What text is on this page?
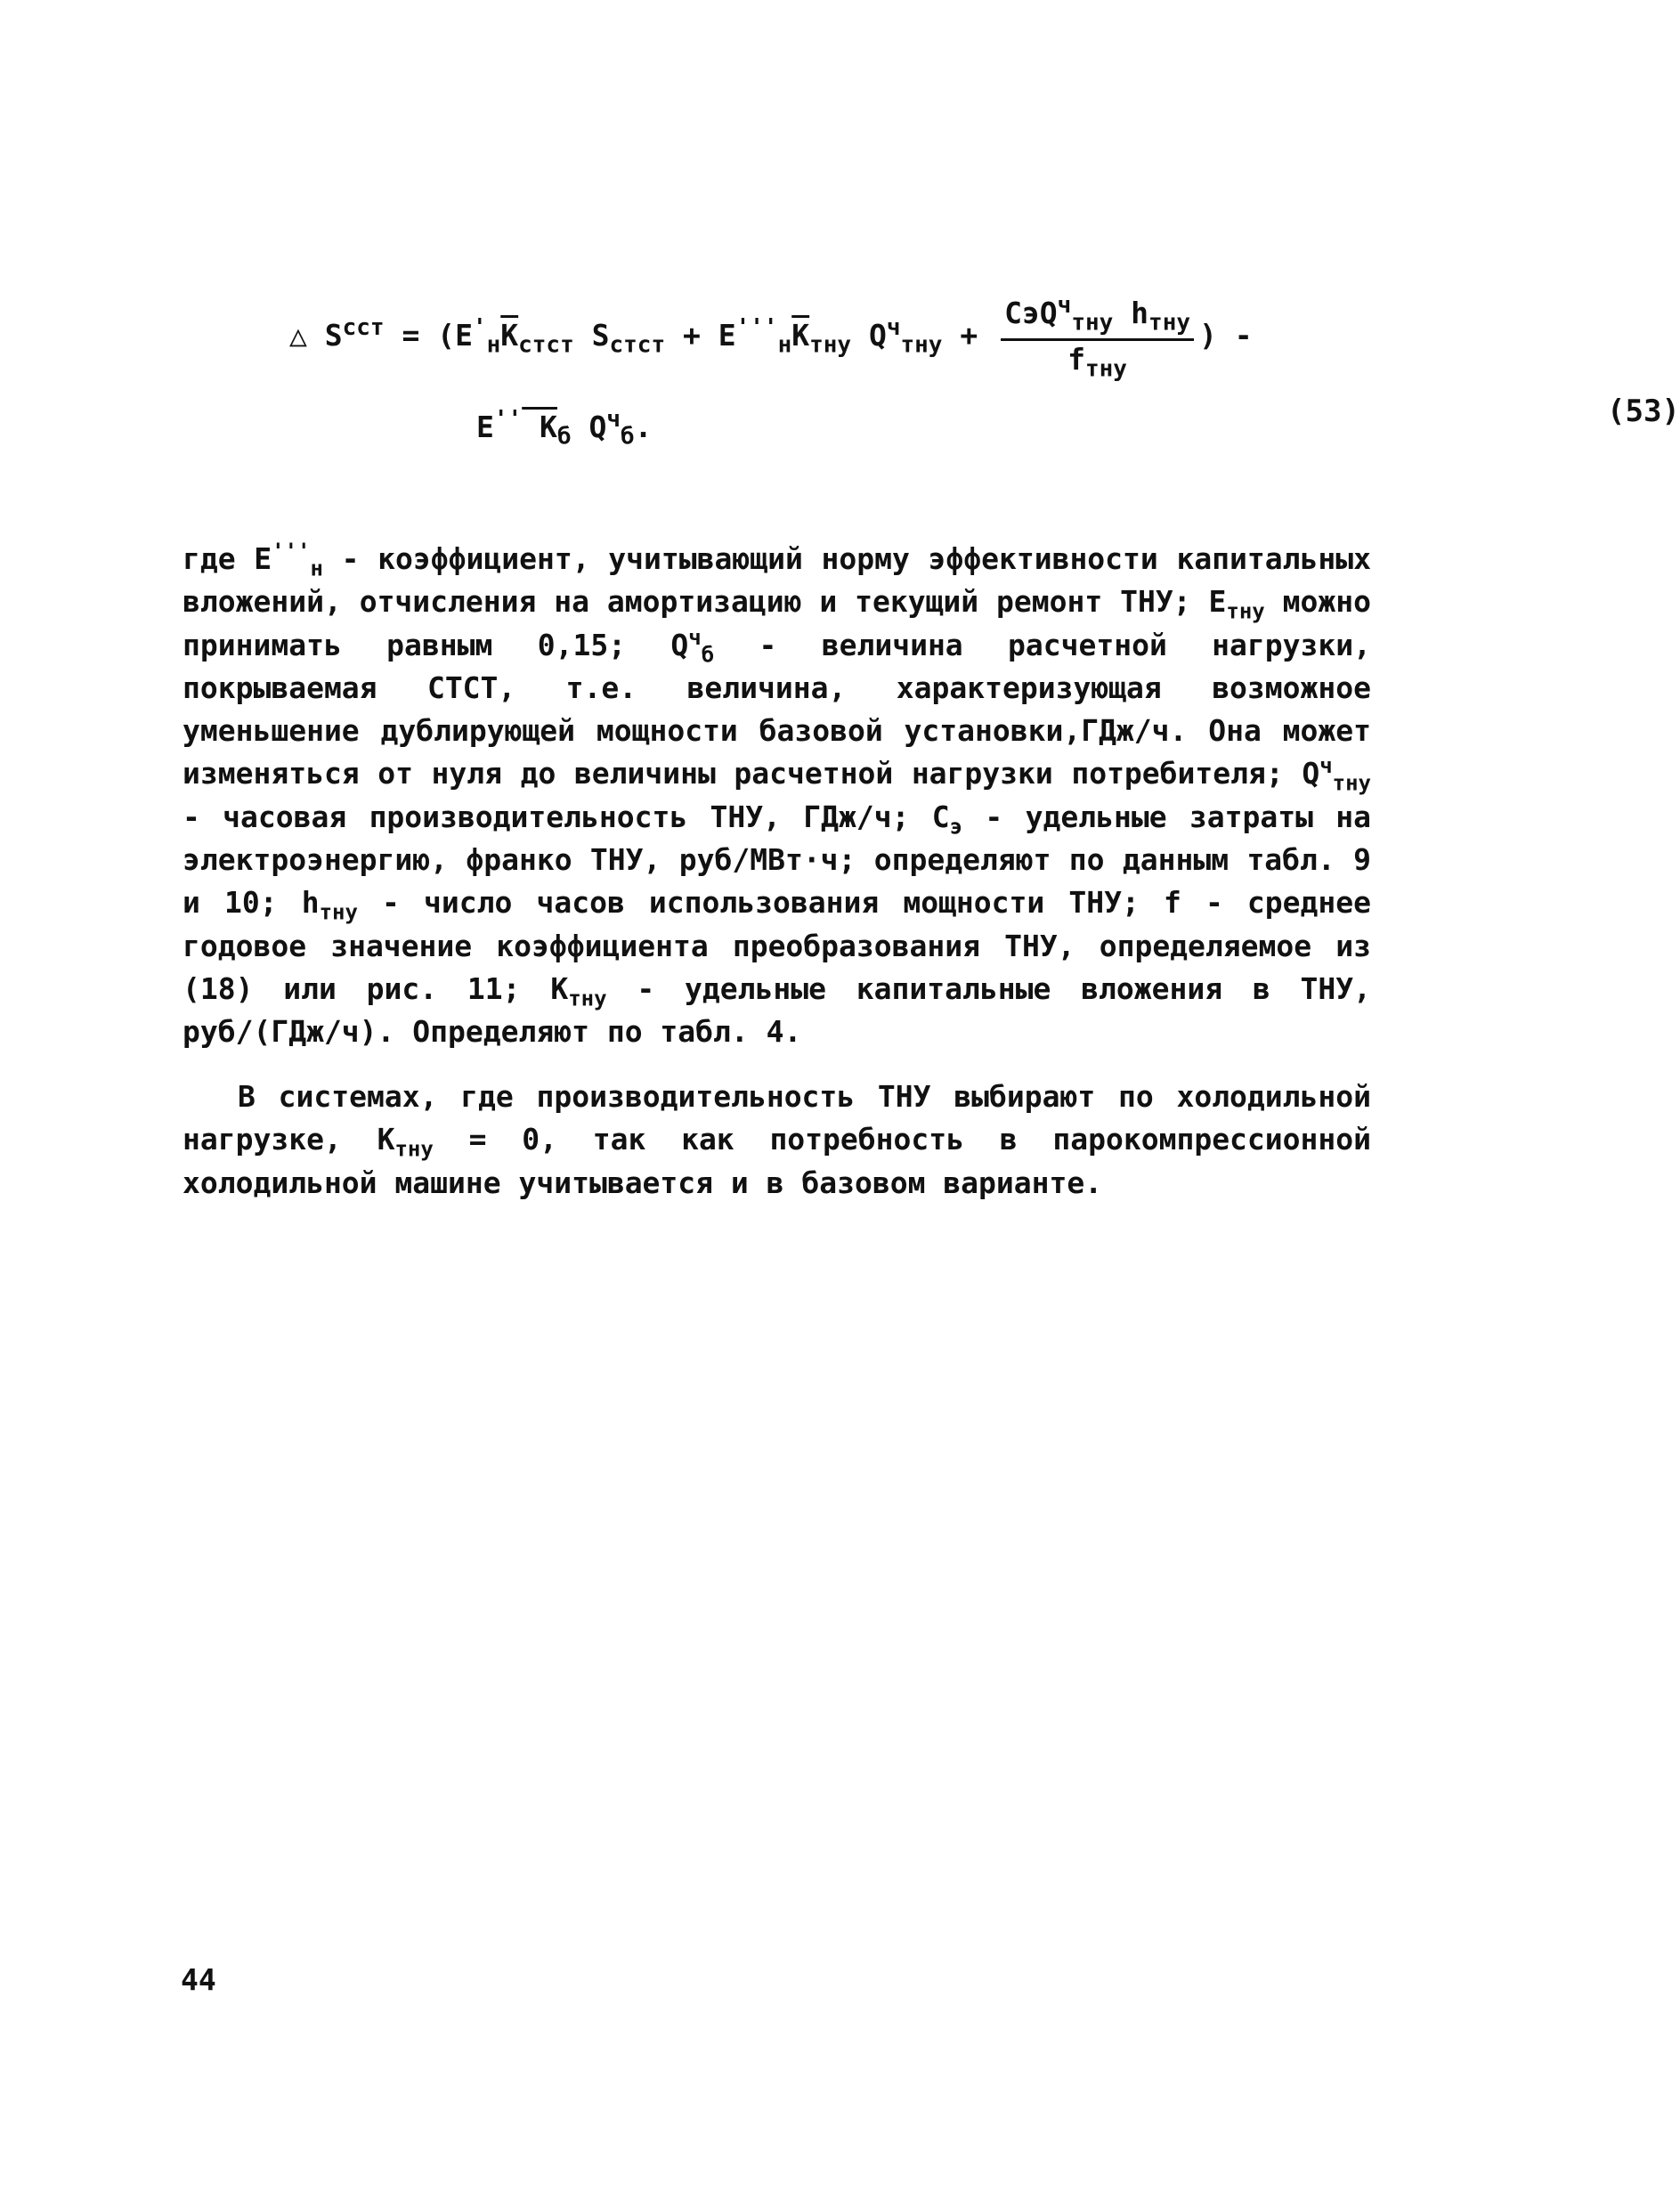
△ $S^{сст} = (E'_н\overline{K}_{стст}$ $S_{стст} + E'''_н\overline{K}_{тну}$ $Q^ч_{тну} + \frac{CэQ^ч_{тну} h_{тну}}{f_{тну}}$ ) -
E'' $K_б$ $Q^ч_б$.	(53)

где $E'''_н$ - коэффициент, учитывающий норму эффективности капитальных вложений, отчисления на амортизацию и текущий ремонт ТНУ; $E_{тну}$ можно принимать равным 0,15; $Q^ч_б$ - величина расчетной нагрузки, покрываемая СТСТ, т.е. величина, характеризующая возможное уменьшение дублирующей мощности базовой установки,ГДж/ч. Она может изменяться от нуля до величины расчетной нагрузки потребителя; $Q^ч_{тну}$ - часовая производительность ТНУ, ГДж/ч; $C_э$ - удельные затраты на электроэнергию, франко ТНУ, руб/МВт·ч; определяют по данным табл. 9 и 10; $h_{тну}$ - число часов использования мощности ТНУ; f - среднее годовое значение коэффициента преобразования ТНУ, определяемое из (18) или рис. 11; $K_{тну}$ - удельные капитальные вложения в ТНУ, руб/(ГДж/ч). Определяют по табл. 4.

В системах, где производительность ТНУ выбирают по холодильной нагрузке, $K_{тну} = 0$, так как потребность в парокомпрессионной холодильной машине учитывается и в базовом варианте.

44
